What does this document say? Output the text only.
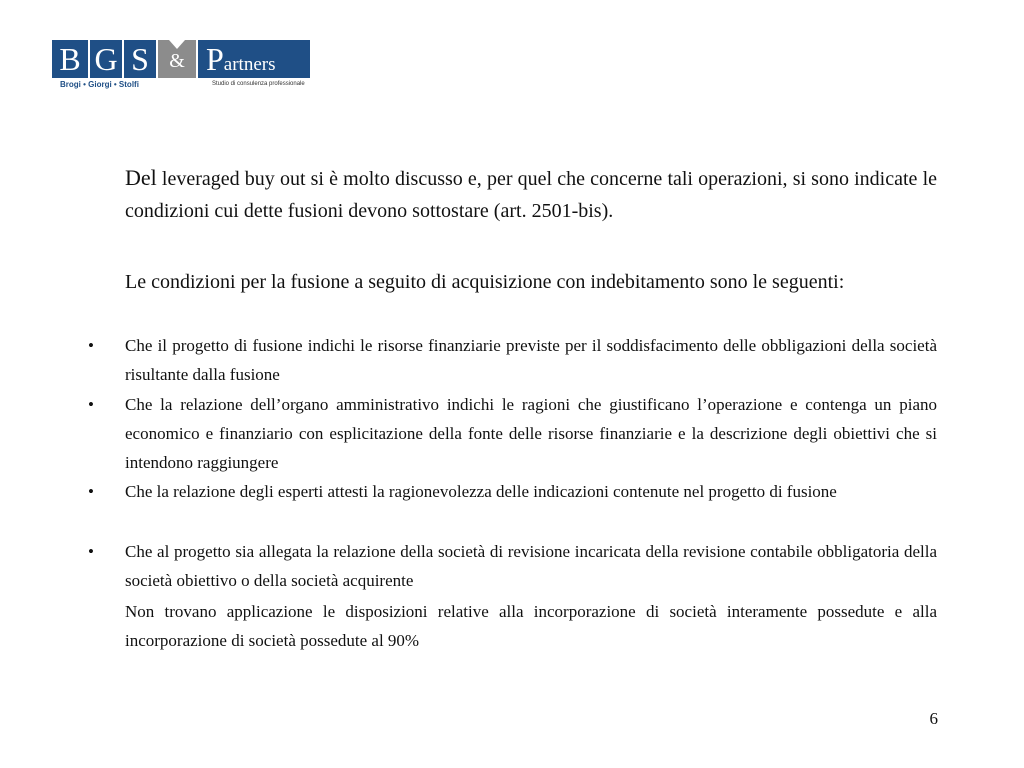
B G S	& P artners
Brogi • Giorgi • Stolfi	Studio di consulenza professionale

Del leveraged buy out si è molto discusso e, per quel che concerne tali operazioni, si sono indicate le condizioni cui dette fusioni devono sottostare (art. 2501-bis).

Le condizioni per la fusione a seguito di acquisizione con indebitamento sono le seguenti:

• Che il progetto di fusione indichi le risorse finanziarie previste per il soddisfacimento delle obbligazioni della società risultante dalla fusione

• Che la relazione dell’organo amministrativo indichi le ragioni che giustificano l’operazione e contenga un piano economico e finanziario con esplicitazione della fonte delle risorse finanziarie e la descrizione degli obiettivi che si intendono raggiungere

• Che la relazione degli esperti attesti la ragionevolezza delle indicazioni contenute nel progetto di fusione

• Che al progetto sia allegata la relazione della società di revisione incaricata della revisione contabile obbligatoria della società obiettivo o della società acquirente

Non trovano applicazione le disposizioni relative alla incorporazione di società interamente possedute e alla incorporazione di società possedute al 90%

6
